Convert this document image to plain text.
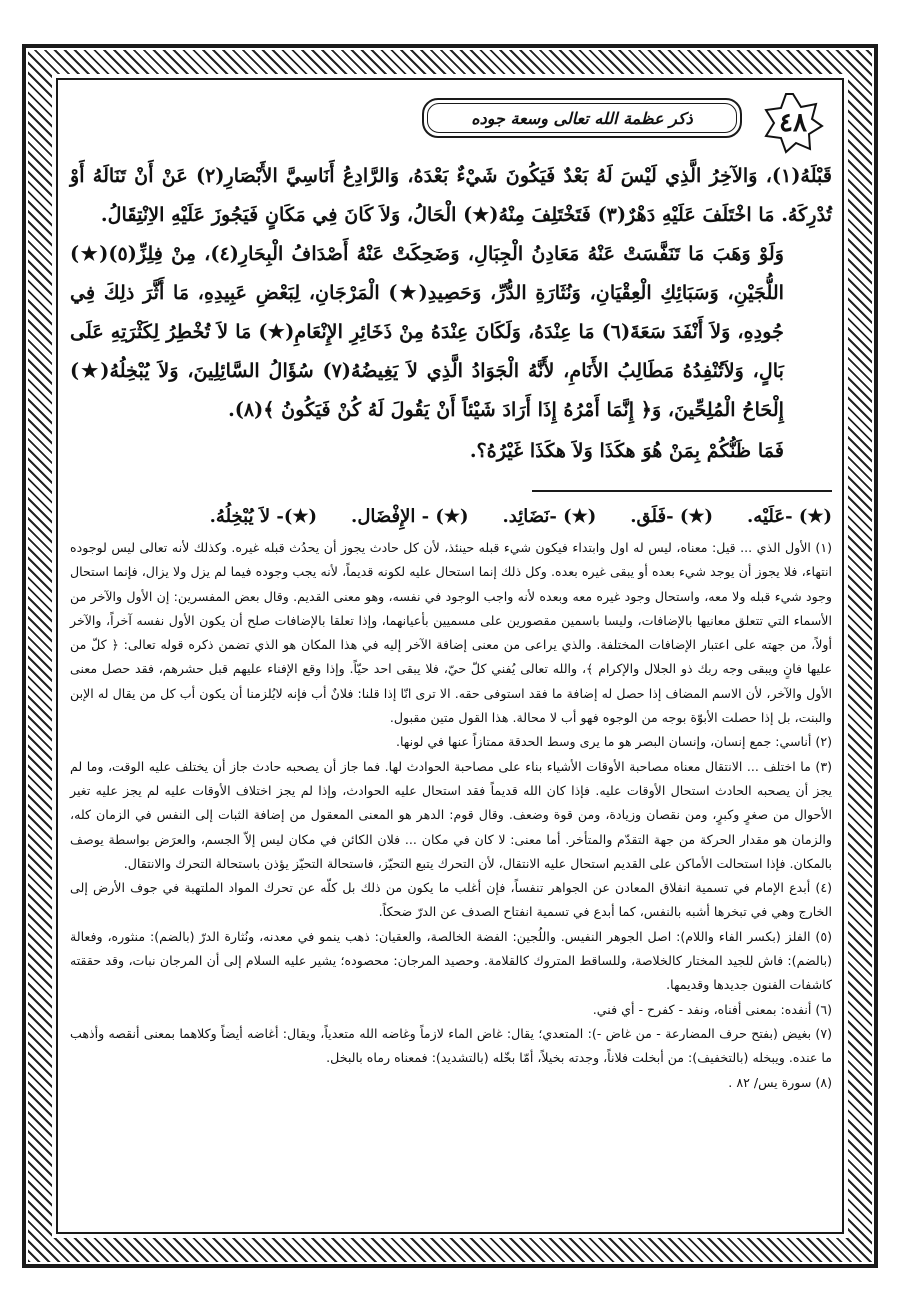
٤٨
ذكر عظمة الله تعالى وسعة جوده

قَبْلَهُ(١)، وَالآخِرُ الَّذِي لَيْسَ لَهُ بَعْدٌ فَيَكُونَ شَيْءٌ بَعْدَهُ، وَالرَّادِعُ أَنَاسِيَّ الأَبْصَارِ(٢) عَنْ أَنْ تَنَالَهُ أَوْ تُدْرِكَهُ. مَا اخْتَلَفَ عَلَيْهِ دَهْرٌ(٣) فَتَخْتَلِفَ مِنْهُ(★) الْحَالُ، وَلاَ كَانَ فِي مَكَانٍ فَيَجُوزَ عَلَيْهِ الاِنْتِقَالُ.

وَلَوْ وَهَبَ مَا تَنَفَّسَتْ عَنْهُ مَعَادِنُ الْجِبَالِ، وَضَحِكَتْ عَنْهُ أَصْدَافُ الْبِحَارِ(٤)، مِنْ فِلِزِّ(٥)(★) اللُّجَيْنِ، وَسَبَائِكِ الْعِقْيَانِ، وَنُثَارَةِ الدُّرِّ، وَحَصِيدِ(★) الْمَرْجَانِ، لِبَعْضِ عَبِيدِهِ، مَا أَثَّرَ ذلِكَ فِي جُودِهِ، وَلاَ أَنْفَدَ سَعَةَ(٦) مَا عِنْدَهُ، وَلَكَانَ عِنْدَهُ مِنْ ذَخَائِرِ الإِنْعَامِ(★) مَا لاَ تُخْطِرُ لِكَثْرَتِهِ عَلَى بَالٍ، وَلاَتُنْفِدُهُ مَطَالِبُ الأَنَامِ، لأَنَّهُ الْجَوَادُ الَّذِي لاَ يَغِيضُهُ(٧) سُؤَالُ السَّائِلِينَ، وَلاَ يُبْخِلُهُ(★) إِلْحَاحُ الْمُلِحِّينَ، وَ﴿ إِنَّمَا أَمْرُهُ إِذَا أَرَادَ شَيْئاً أَنْ يَقُولَ لَهُ كُنْ فَيَكُونُ ﴾(٨).

فَمَا ظَنُّكُمْ بِمَنْ هُوَ هكَذَا وَلاَ هكَذَا غَيْرُهُ؟.

(★) -عَلَيْه.
(★) -فَلَق.
(★) -نَضَائِد.
(★) - الإِفْضَال.
(★)- لاَ يُبْخِلُهُ.

(١) الأول الذي ... قيل: معناه، ليس له اول وابتداء فيكون شيء قبله حينئذ، لأن كل حادث يجوز أن يحدُث قبله غيره. وكذلك لأنه تعالى ليس لوجوده انتهاء، فلا يجوز أن يوجد شيء بعده أو يبقى غيره بعده. وكل ذلك إنما استحال عليه لكونه قديماً، لأنه يجب وجوده فيما لم يزل ولا يزال، فإنما استحال وجود شيء قبله ولا معه، واستحال وجود غيره معه وبعده لأنه واجب الوجود في نفسه، وهو معنى القديم. وقال بعض المفسرين: إن الأول والآخر من الأسماء التي تتعلق معانيها بالإضافات، وليسا باسمين مقصورين على مسميين بأعيانهما، وإذا تعلقا بالإضافات صلح أن يكون الأول نفسه آخراً، والآخر أولاً، من جهته على اعتبار الإضافات المختلفة. والذي يراعى من معنى إضافة الآخر إليه في هذا المكان هو الذي تضمن ذكره قوله تعالى: ﴿ كلّ من عليها فانٍ ويبقى وجه ربك ذو الجلال والإكرام ﴾، والله تعالى يُفني كلّ حيّ، فلا يبقى احد حيّاً. وإذا وقع الإفناء عليهم قبل حشرهم، فقد حصل معنى الأول والآخر، لأن الاسم المضاف إذا حصل له إضافة ما فقد استوفى حقه. الا ترى انّا إذا قلنا: فلانٌ أب فإنه لايُلزمنا أن يكون أب كل من يقال له الإبن والبنت، بل إذا حصلت الأبوّة بوجه من الوجوه فهو أب لا محالة. هذا القول متين مقبول.

(٢) أناسي: جمع إنسان، وإنسان البصر هو ما يرى وسط الحدقة ممتازاً عنها في لونها.

(٣) ما اختلف ... الانتقال معناه مصاحبة الأوقات الأشياء بناء على مصاحبة الحوادث لها. فما جاز أن يصحبه حادث جاز أن يختلف عليه الوقت، وما لم يجز أن يصحبه الحادث استحال الأوقات عليه. فإذا كان الله قديماً فقد استحال عليه الحوادث، وإذا لم يجز اختلاف الأوقات عليه لم يجز عليه تغير الأحوال من صغرٍ وكبرٍ، ومن نقصان وزيادة، ومن قوة وضعف. وقال قوم: الدهر هو المعنى المعقول من إضافة الثبات إلى النفس في الزمان كله، والزمان هو مقدار الحركة من جهة التقدّم والمتأخر. أما معنى: لا كان في مكان ... فلان الكائن في مكان ليس إلاّ الجسم، والعرَض بواسطة يوصف بالمكان. فإذا استحالت الأماكن على القديم استحال عليه الانتقال، لأن التحرك يتبع التحيّز، فاستحالة التحيّز يؤذن باستحالة التحرك والانتقال.

(٤) أبدع الإمام في تسمية انفلاق المعادن عن الجواهر تنفساً، فإن أغلب ما يكون من ذلك بل كلّه عن تحرك المواد الملتهبة في جوف الأرض إلى الخارج وهي في تبخرها أشبه بالنفس، كما أبدع في تسمية انفتاح الصدف عن الدرّ ضحكاً.

(٥) الفلز (بكسر الفاء واللام): اصل الجوهر النفيس. واللُجين: الفضة الخالصة، والعقيان: ذهب ينمو في معدنه، ونُثارة الدرّ (بالضم): منثوره، وفعالة (بالضم): فاش للجيد المختار كالخلاصة، وللساقط المتروك كالقلامة. وحصيد المرجان: محصوده؛ يشير عليه السلام إلى أن المرجان نبات، وقد حققته كاشفات الفنون جديدها وقديمها.

(٦) أنفده: بمعنى أفناه، ونفد - كفرح - أي فني.

(٧) بغيض (بفتح حرف المضارعة - من غاض -): المتعدي؛ يقال: غاض الماء لازماً وغاضه الله متعدياً، ويقال: أغاضه أيضاً وكلاهما بمعنى أنقصه وأذهب ما عنده. ويبخله (بالتخفيف): من أبخلت فلاناً، وجدته بخيلاً، أمّا بخّله (بالتشديد): فمعناه رماه بالبخل.

(٨) سورة يس/ ٨٢ .
